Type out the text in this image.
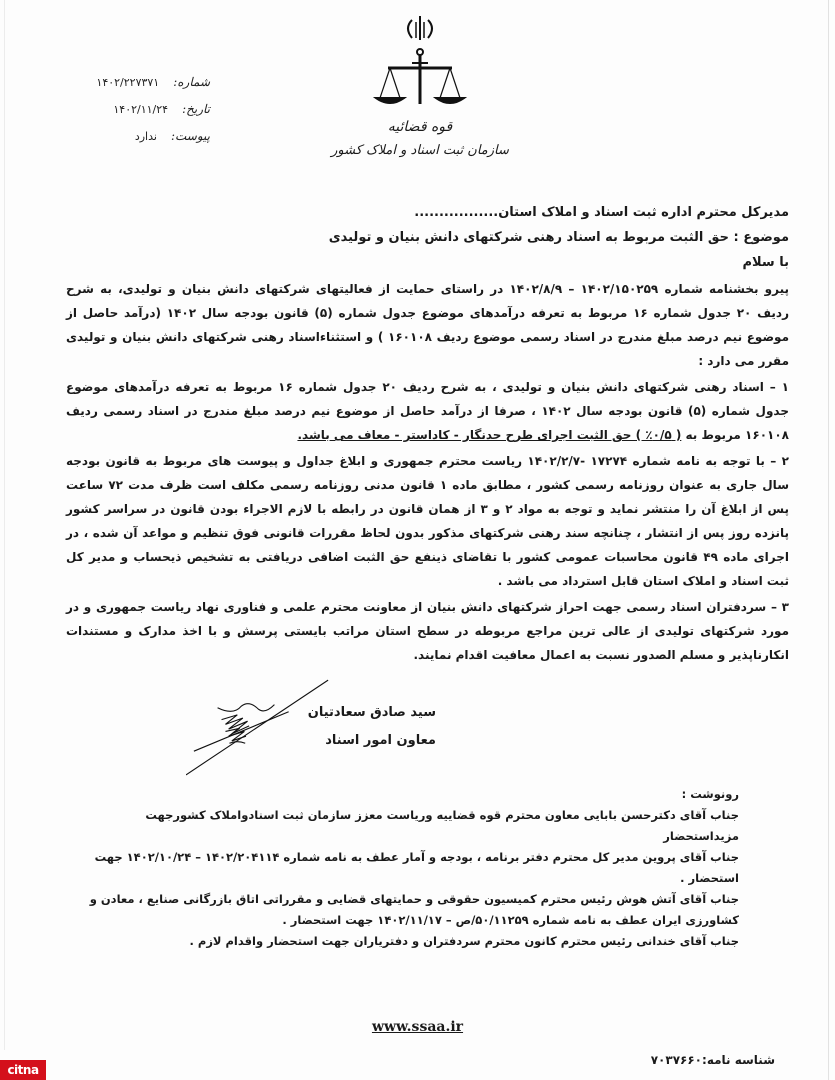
شماره:
۱۴۰۲/۲۲۷۳۷۱
تاریخ:
۱۴۰۲/۱۱/۲۴
پیوست:
ندارد
قوه قضائیه
سازمان ثبت اسناد و املاک کشور
مدیرکل محترم اداره ثبت اسناد و املاک استان.................
موضوع : حق الثبت مربوط به اسناد رهنی شرکتهای دانش بنیان و تولیدی
با سلام
پیرو بخشنامه شماره ۱۴۰۲/۱۵۰۲۵۹ – ۱۴۰۲/۸/۹ در راستای حمایت از فعالیتهای شرکتهای دانش بنیان و تولیدی، به شرح ردیف ۲۰ جدول شماره ۱۶ مربوط به تعرفه درآمدهای موضوع جدول شماره (۵) قانون بودجه سال ۱۴۰۲ (درآمد حاصل از موضوع نیم درصد مبلغ مندرج در اسناد رسمی موضوع ردیف ۱۶۰۱۰۸ ) و استثناءاسناد رهنی شرکتهای دانش بنیان و تولیدی مقرر می دارد :
۱ – اسناد رهنی شرکتهای دانش بنیان و تولیدی ، به شرح ردیف ۲۰ جدول شماره ۱۶ مربوط به تعرفه درآمدهای موضوع جدول شماره (۵) قانون بودجه سال ۱۴۰۲ ، صرفا از درآمد حاصل از موضوع نیم درصد مبلغ مندرج در اسناد رسمی ردیف ۱۶۰۱۰۸ مربوط به ( ۰/۵٪ ) حق الثبت اجرای طرح حدنگار - کاداستر - معاف می باشد.
۲ – با توجه به نامه شماره ۱۷۲۷۴ -۱۴۰۲/۲/۷ ریاست محترم جمهوری و ابلاغ جداول و پیوست های مربوط به قانون بودجه سال جاری به عنوان روزنامه رسمی کشور ، مطابق ماده ۱ قانون مدنی روزنامه رسمی مکلف است ظرف مدت ۷۲ ساعت پس از ابلاغ آن را منتشر نماید و توجه به مواد ۲ و ۳ از همان قانون در رابطه با لازم الاجراء بودن قانون در سراسر کشور پانزده روز پس از انتشار ، چنانچه سند رهنی شرکتهای مذکور بدون لحاظ مقررات قانونی فوق تنظیم و مواعد آن شده ، در اجرای ماده ۴۹ قانون محاسبات عمومی کشور با تقاضای ذینفع حق الثبت اضافی دریافتی به تشخیص ذیحساب و مدیر کل ثبت اسناد و املاک استان قابل استرداد می باشد .
۳ – سردفتران اسناد رسمی جهت احراز شرکتهای دانش بنیان از معاونت محترم علمی و فناوری نهاد ریاست جمهوری و در مورد شرکتهای تولیدی از عالی ترین مراجع مربوطه در سطح استان مراتب بایستی پرسش و با اخذ مدارک و مستندات انکارناپذیر و مسلم الصدور نسبت به اعمال معافیت اقدام نمایند.
سید صادق سعادتیان
معاون امور اسناد
رونوشت :
جناب آقای دکترحسن بابایی معاون محترم قوه قضاییه وریاست معزز سازمان ثبت اسنادواملاک کشورجهت مزیداستحضار
جناب آقای پروین مدیر کل محترم دفتر برنامه ، بودجه و آمار عطف به نامه شماره ۱۴۰۲/۲۰۴۱۱۴ – ۱۴۰۲/۱۰/۲۴ جهت استحضار .
جناب آقای آتش هوش رئیس محترم کمیسیون حقوقی و حمایتهای قضایی و مقرراتی اتاق بازرگانی صنایع ، معادن و کشاورزی ایران عطف به نامه شماره ۵۰/۱۱۲۵۹/ص – ۱۴۰۲/۱۱/۱۷ جهت استحضار .
جناب آقای خندانی رئیس محترم کانون محترم سردفتران و دفتریاران جهت استحضار واقدام لازم .
www.ssaa.ir
شناسه نامه:۷۰۳۷۶۶۰
citna
